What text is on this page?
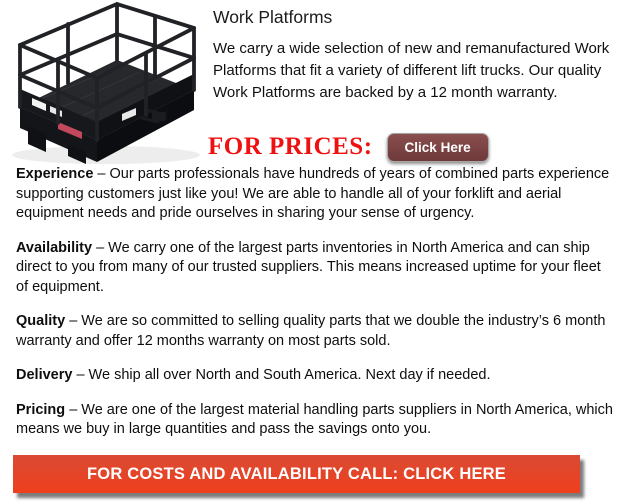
Work Platforms

We carry a wide selection of new and remanufactured Work Platforms that fit a variety of different lift trucks. Our quality Work Platforms are backed by a 12 month warranty.

FOR PRICES:	Click Here

Experience – Our parts professionals have hundreds of years of combined parts experience supporting customers just like you! We are able to handle all of your forklift and aerial equipment needs and pride ourselves in sharing your sense of urgency.

Availability – We carry one of the largest parts inventories in North America and can ship direct to you from many of our trusted suppliers. This means increased uptime for your fleet of equipment.

Quality – We are so committed to selling quality parts that we double the industry’s 6 month warranty and offer 12 months warranty on most parts sold.

Delivery – We ship all over North and South America. Next day if needed.

Pricing – We are one of the largest material handling parts suppliers in North America, which means we buy in large quantities and pass the savings onto you.

FOR COSTS AND AVAILABILITY CALL: CLICK HERE
